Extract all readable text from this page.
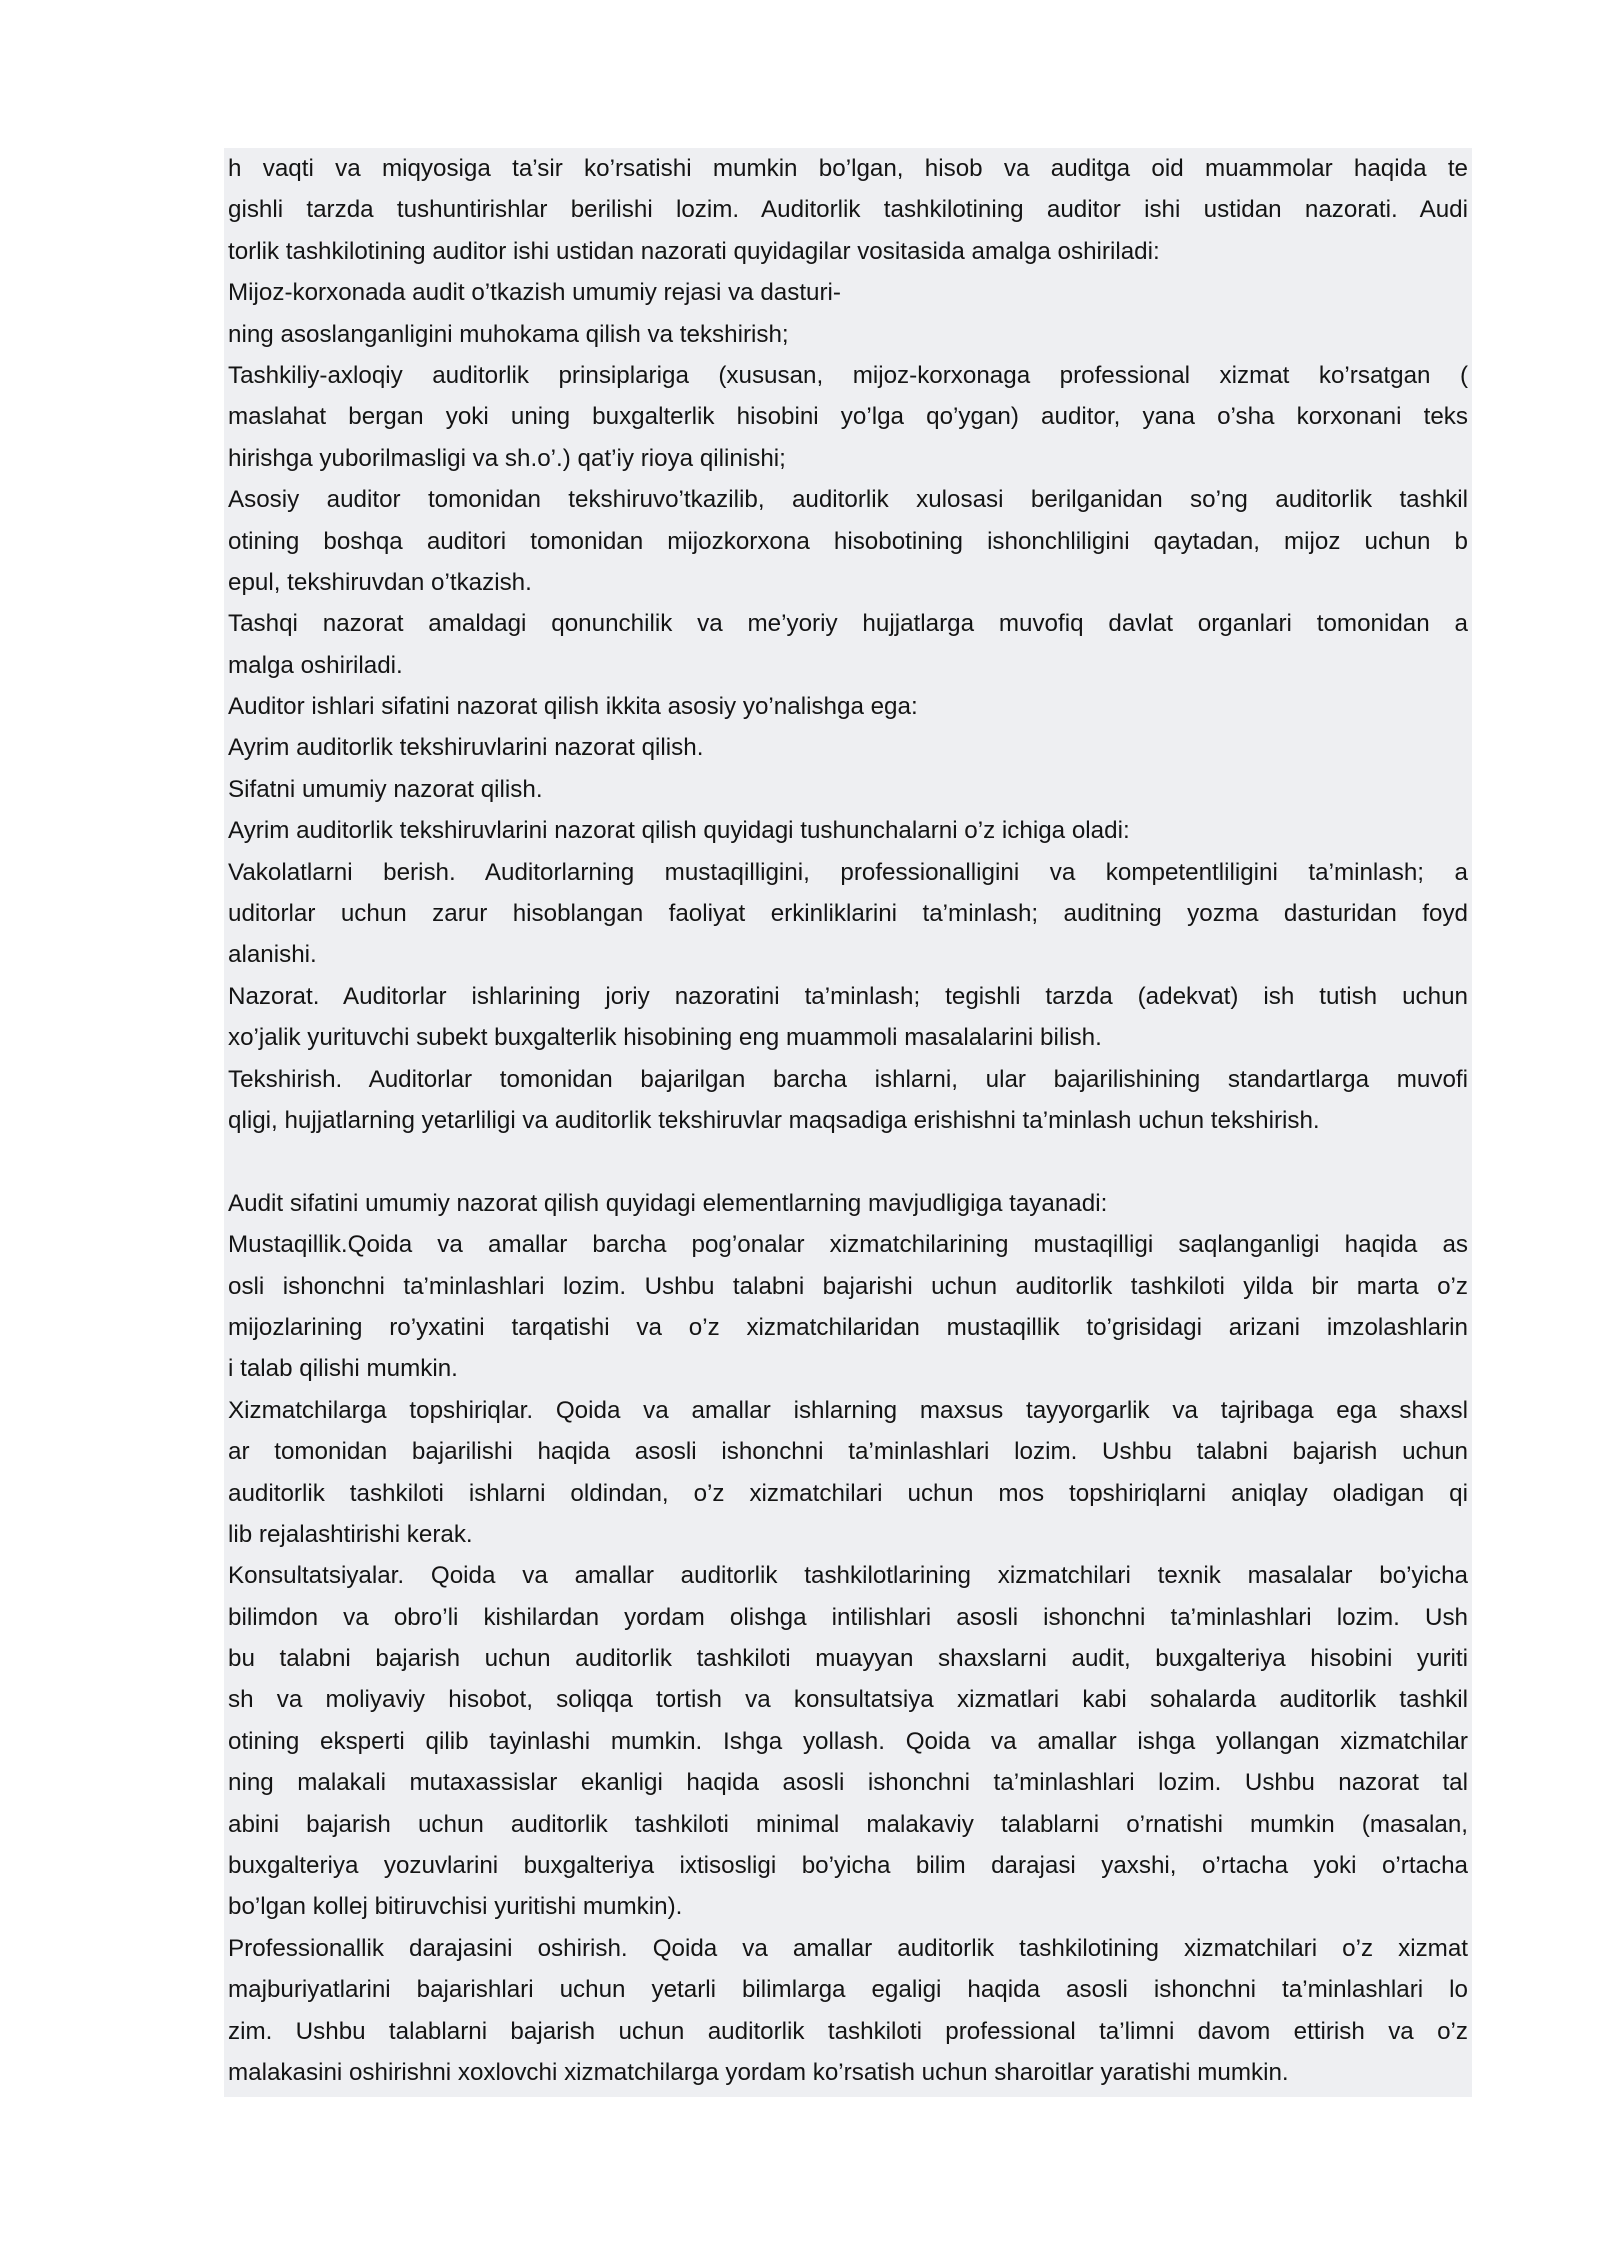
h vaqti va miqyosiga ta’sir ko’rsatishi mumkin bo’lgan, hisob va auditga oid muammolar haqida te
gishli tarzda tushuntirishlar berilishi lozim. Auditorlik tashkilotining auditor ishi ustidan nazorati. Audi
torlik tashkilotining auditor ishi ustidan nazorati quyidagilar vositasida amalga oshiriladi:
Mijoz-korxonada audit o’tkazish umumiy rejasi va dasturi-
ning asoslanganligini muhokama qilish va tekshirish;
Tashkiliy-axloqiy auditorlik prinsiplariga (xususan, mijoz-korxonaga professional xizmat ko’rsatgan (
maslahat bergan yoki uning buxgalterlik hisobini yo’lga qo’ygan) auditor, yana o’sha korxonani teks
hirishga yuborilmasligi va sh.o’.) qat’iy rioya qilinishi;
Asosiy auditor tomonidan tekshiruvo’tkazilib, auditorlik xulosasi berilganidan so’ng auditorlik tashkil
otining boshqa auditori tomonidan mijozkorxona hisobotining ishonchliligini qaytadan, mijoz uchun b
epul, tekshiruvdan o’tkazish.
Tashqi nazorat amaldagi qonunchilik va me’yoriy hujjatlarga muvofiq davlat organlari tomonidan a
malga oshiriladi.
Auditor ishlari sifatini nazorat qilish ikkita asosiy yo’nalishga ega:
Ayrim auditorlik tekshiruvlarini nazorat qilish.
Sifatni umumiy nazorat qilish.
Ayrim auditorlik tekshiruvlarini nazorat qilish quyidagi tushunchalarni o’z ichiga oladi:
Vakolatlarni berish. Auditorlarning mustaqilligini, professionalligini va kompetentliligini ta’minlash; a
uditorlar uchun zarur hisoblangan faoliyat erkinliklarini ta’minlash; auditning yozma dasturidan foyd
alanishi.
Nazorat. Auditorlar ishlarining joriy nazoratini ta’minlash; tegishli tarzda (adekvat) ish tutish uchun
xo’jalik yurituvchi subekt buxgalterlik hisobining eng muammoli masalalarini bilish.
Tekshirish. Auditorlar tomonidan bajarilgan barcha ishlarni, ular bajarilishining standartlarga muvofi
qligi, hujjatlarning yetarliligi va auditorlik tekshiruvlar maqsadiga erishishni ta’minlash uchun tekshirish.
Audit sifatini umumiy nazorat qilish quyidagi elementlarning mavjudligiga tayanadi:
Mustaqillik.Qoida va amallar barcha pog’onalar xizmatchilarining mustaqilligi saqlanganligi haqida as
osli ishonchni ta’minlashlari lozim. Ushbu talabni bajarishi uchun auditorlik tashkiloti yilda bir marta o’z
mijozlarining ro’yxatini tarqatishi va o’z xizmatchilaridan mustaqillik to’grisidagi arizani imzolashlarin
i talab qilishi mumkin.
Xizmatchilarga topshiriqlar. Qoida va amallar ishlarning maxsus tayyorgarlik va tajribaga ega shaxsl
ar tomonidan bajarilishi haqida asosli ishonchni ta’minlashlari lozim. Ushbu talabni bajarish uchun
auditorlik tashkiloti ishlarni oldindan, o’z xizmatchilari uchun mos topshiriqlarni aniqlay oladigan qi
lib rejalashtirishi kerak.
Konsultatsiyalar. Qoida va amallar auditorlik tashkilotlarining xizmatchilari texnik masalalar bo’yicha
bilimdon va obro’li kishilardan yordam olishga intilishlari asosli ishonchni ta’minlashlari lozim. Ush
bu talabni bajarish uchun auditorlik tashkiloti muayyan shaxslarni audit, buxgalteriya hisobini yuriti
sh va moliyaviy hisobot, soliqqa tortish va konsultatsiya xizmatlari kabi sohalarda auditorlik tashkil
otining eksperti qilib tayinlashi mumkin. Ishga yollash. Qoida va amallar ishga yollangan xizmatchilar
ning malakali mutaxassislar ekanligi haqida asosli ishonchni ta’minlashlari lozim. Ushbu nazorat tal
abini bajarish uchun auditorlik tashkiloti minimal malakaviy talablarni o’rnatishi mumkin (masalan,
buxgalteriya yozuvlarini buxgalteriya ixtisosligi bo’yicha bilim darajasi yaxshi, o’rtacha yoki o’rtacha
bo’lgan kollej bitiruvchisi yuritishi mumkin).
Professionallik darajasini oshirish. Qoida va amallar auditorlik tashkilotining xizmatchilari o’z xizmat
majburiyatlarini bajarishlari uchun yetarli bilimlarga egaligi haqida asosli ishonchni ta’minlashlari lo
zim. Ushbu talablarni bajarish uchun auditorlik tashkiloti professional ta’limni davom ettirish va o’z
malakasini oshirishni xoxlovchi xizmatchilarga yordam ko’rsatish uchun sharoitlar yaratishi mumkin.
